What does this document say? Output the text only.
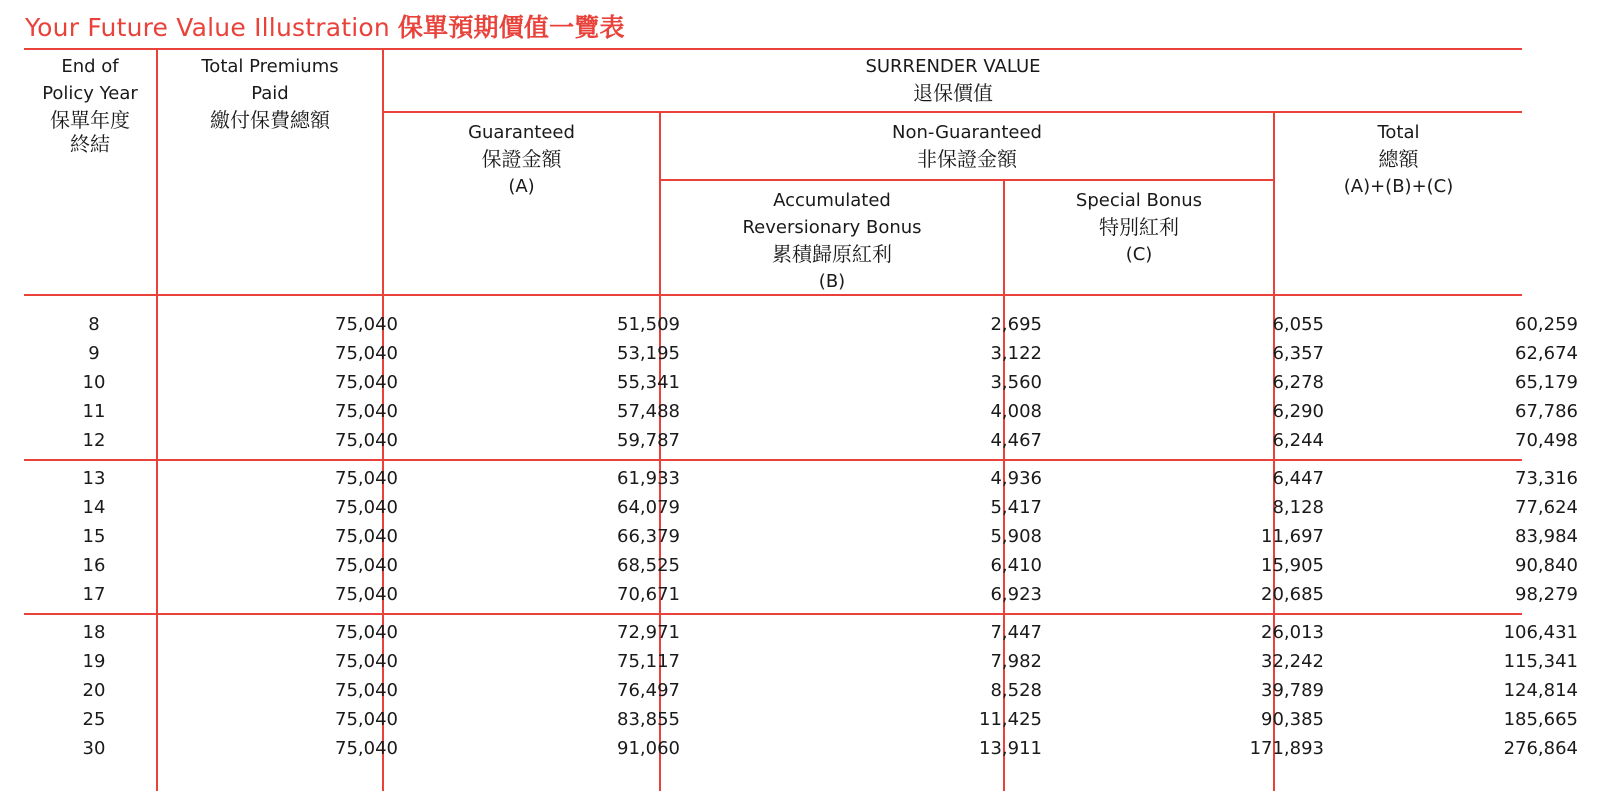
Your Future Value Illustration 保單預期價值一覽表
End of
Policy Year
保單年度
終結
Total Premiums
Paid
繳付保費總額
SURRENDER VALUE
退保價值
Guaranteed
保證金額
(A)
Non-Guaranteed
非保證金額
Accumulated
Reversionary Bonus
累積歸原紅利
(B)
Special Bonus
特別紅利
(C)
Total
總額
(A)+(B)+(C)
8	75,040	51,509	2,695	6,055	60,259
9	75,040	53,195	3,122	6,357	62,674
10	75,040	55,341	3,560	6,278	65,179
11	75,040	57,488	4,008	6,290	67,786
12	75,040	59,787	4,467	6,244	70,498
13	75,040	61,933	4,936	6,447	73,316
14	75,040	64,079	5,417	8,128	77,624
15	75,040	66,379	5,908	11,697	83,984
16	75,040	68,525	6,410	15,905	90,840
17	75,040	70,671	6,923	20,685	98,279
18	75,040	72,971	7,447	26,013	106,431
19	75,040	75,117	7,982	32,242	115,341
20	75,040	76,497	8,528	39,789	124,814
25	75,040	83,855	11,425	90,385	185,665
30	75,040	91,060	13,911	171,893	276,864
